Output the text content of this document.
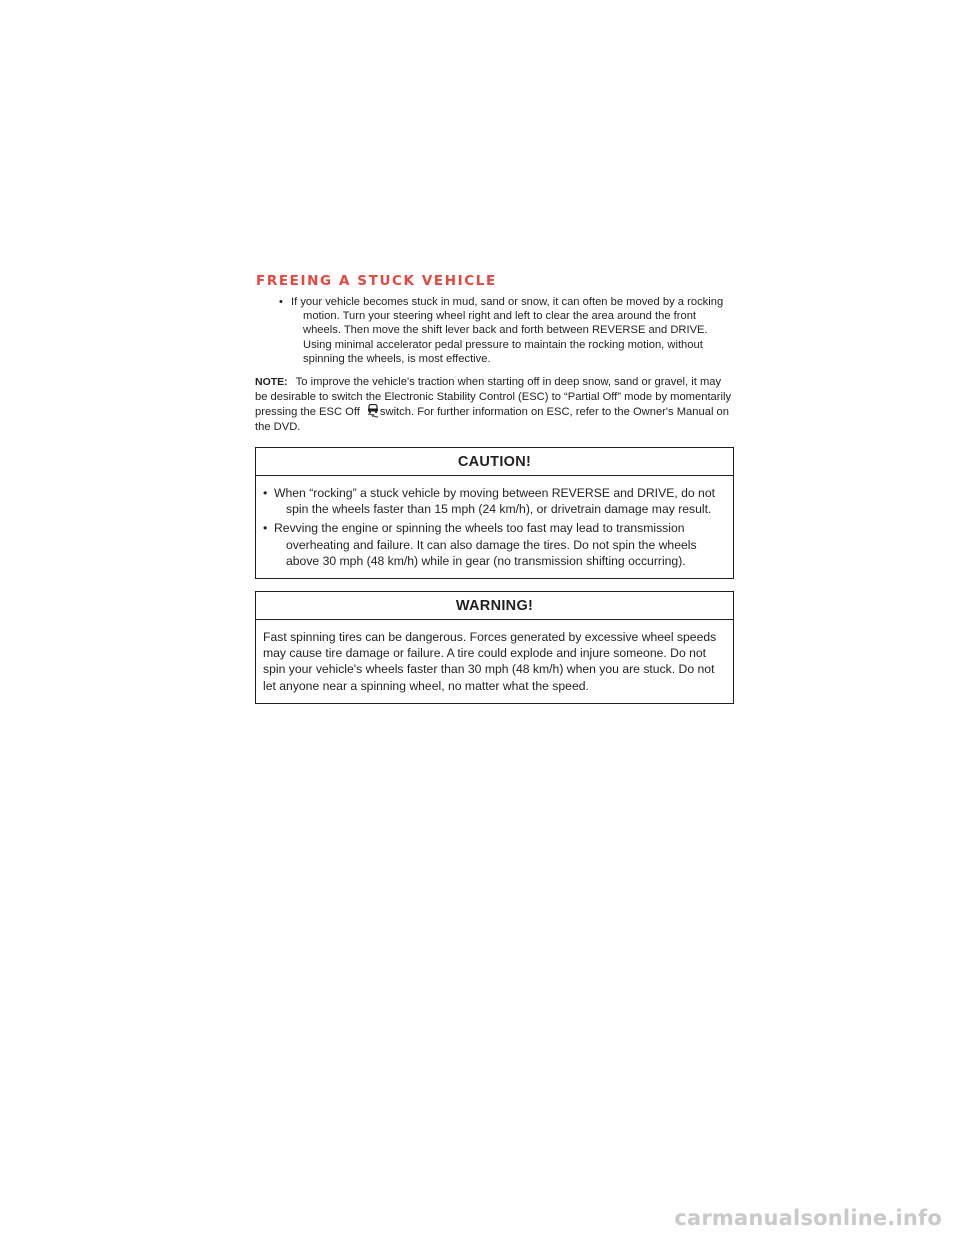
FREEING A STUCK VEHICLE
• If your vehicle becomes stuck in mud, sand or snow, it can often be moved by a rocking motion. Turn your steering wheel right and left to clear the area around the front wheels. Then move the shift lever back and forth between REVERSE and DRIVE. Using minimal accelerator pedal pressure to maintain the rocking motion, without spinning the wheels, is most effective.

NOTE: To improve the vehicle's traction when starting off in deep snow, sand or gravel, it may be desirable to switch the Electronic Stability Control (ESC) to “Partial Off” mode by momentarily pressing the ESC Off switch. For further information on ESC, refer to the Owner's Manual on the DVD.

CAUTION!
• When “rocking” a stuck vehicle by moving between REVERSE and DRIVE, do not spin the wheels faster than 15 mph (24 km/h), or drivetrain damage may result.
• Revving the engine or spinning the wheels too fast may lead to transmission overheating and failure. It can also damage the tires. Do not spin the wheels above 30 mph (48 km/h) while in gear (no transmission shifting occurring).
WARNING!

Fast spinning tires can be dangerous. Forces generated by excessive wheel speeds may cause tire damage or failure. A tire could explode and injure someone. Do not spin your vehicle's wheels faster than 30 mph (48 km/h) when you are stuck. Do not let anyone near a spinning wheel, no matter what the speed.

carmanualsonline.info
